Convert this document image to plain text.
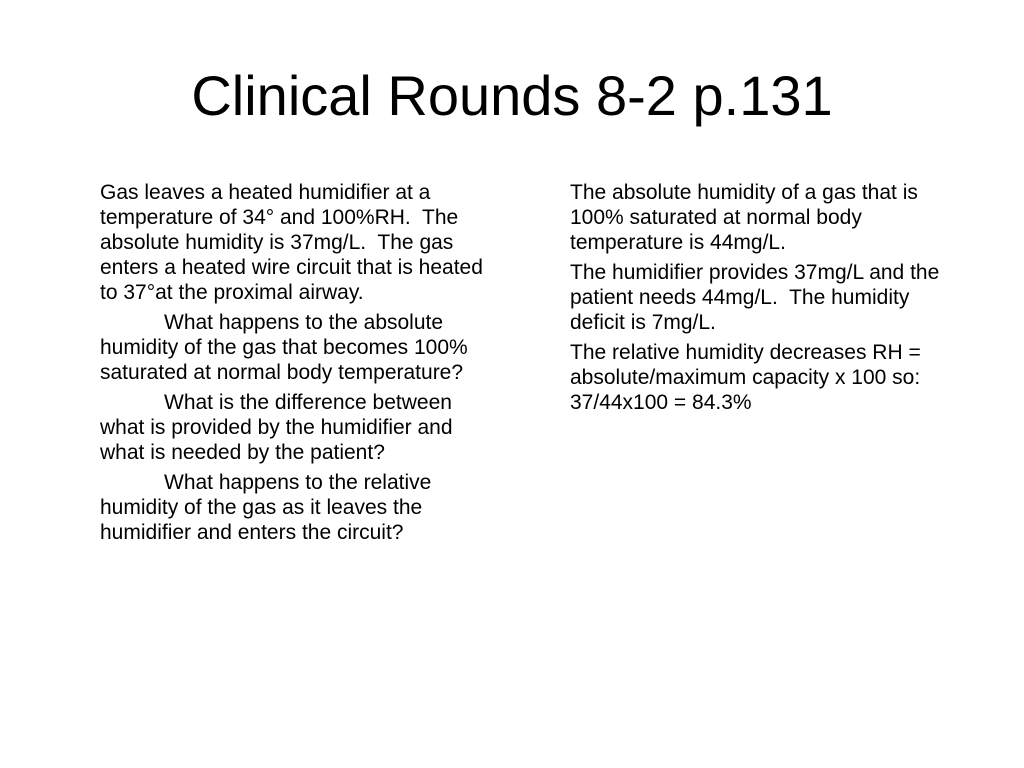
Clinical Rounds 8-2 p.131

Gas leaves a heated humidifier at a temperature of 34° and 100%RH.  The absolute humidity is 37mg/L.  The gas enters a heated wire circuit that is heated to 37°at the proximal airway.

What happens to the absolute humidity of the gas that becomes 100% saturated at normal body temperature?

What is the difference between what is provided by the humidifier and what is needed by the patient?

What happens to the relative humidity of the gas as it leaves the humidifier and enters the circuit?

The absolute humidity of a gas that is 100% saturated at normal body temperature is 44mg/L.

The humidifier provides 37mg/L and the patient needs 44mg/L.  The humidity deficit is 7mg/L.

The relative humidity decreases RH = absolute/maximum capacity x 100 so: 37/44x100 = 84.3%
